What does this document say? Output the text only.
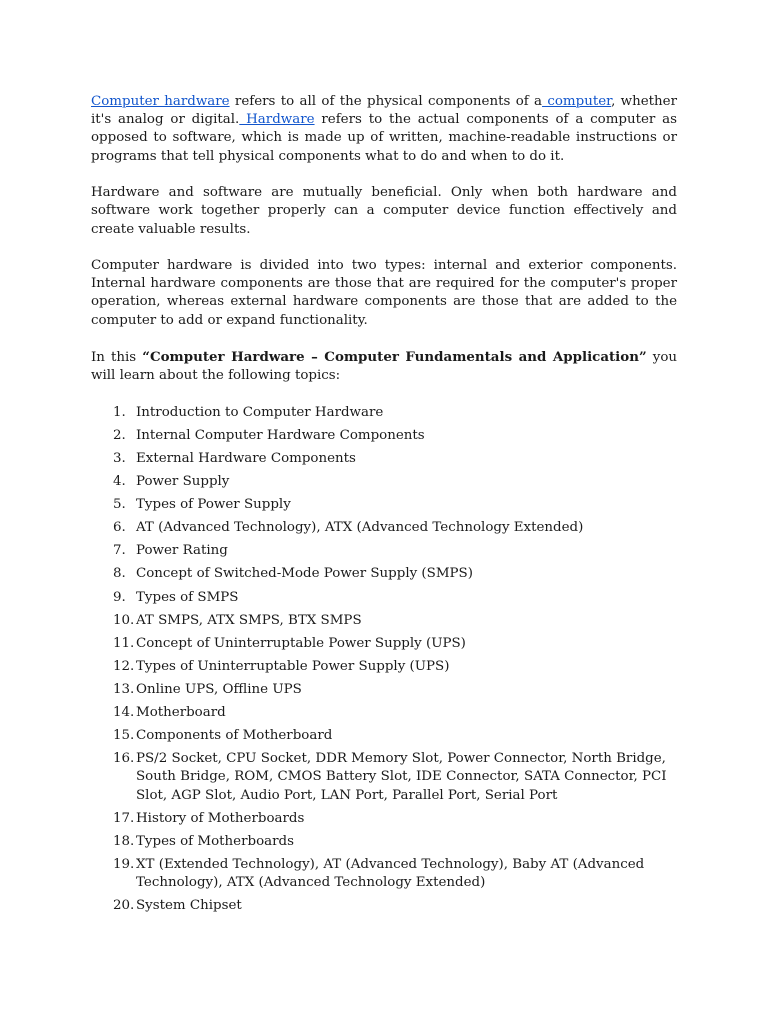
Computer hardware refers to all of the physical components of a computer, whether it's analog or digital. Hardware refers to the actual components of a computer as opposed to software, which is made up of written, machine-readable instructions or programs that tell physical components what to do and when to do it.

Hardware and software are mutually beneficial. Only when both hardware and software work together properly can a computer device function effectively and create valuable results.

Computer hardware is divided into two types: internal and exterior components. Internal hardware components are those that are required for the computer's proper operation, whereas external hardware components are those that are added to the computer to add or expand functionality.

In this “Computer Hardware – Computer Fundamentals and Application” you will learn about the following topics:

1. Introduction to Computer Hardware
2. Internal Computer Hardware Components
3. External Hardware Components
4. Power Supply
5. Types of Power Supply
6. AT (Advanced Technology), ATX (Advanced Technology Extended)
7. Power Rating
8. Concept of Switched-Mode Power Supply (SMPS)
9. Types of SMPS
10. AT SMPS, ATX SMPS, BTX SMPS
11. Concept of Uninterruptable Power Supply (UPS)
12. Types of Uninterruptable Power Supply (UPS)
13. Online UPS, Offline UPS
14. Motherboard
15. Components of Motherboard
16. PS/2 Socket, CPU Socket, DDR Memory Slot, Power Connector, North Bridge, South Bridge, ROM, CMOS Battery Slot, IDE Connector, SATA Connector, PCI Slot, AGP Slot, Audio Port, LAN Port, Parallel Port, Serial Port
17. History of Motherboards
18. Types of Motherboards
19. XT (Extended Technology), AT (Advanced Technology), Baby AT (Advanced Technology), ATX (Advanced Technology Extended)
20. System Chipset
